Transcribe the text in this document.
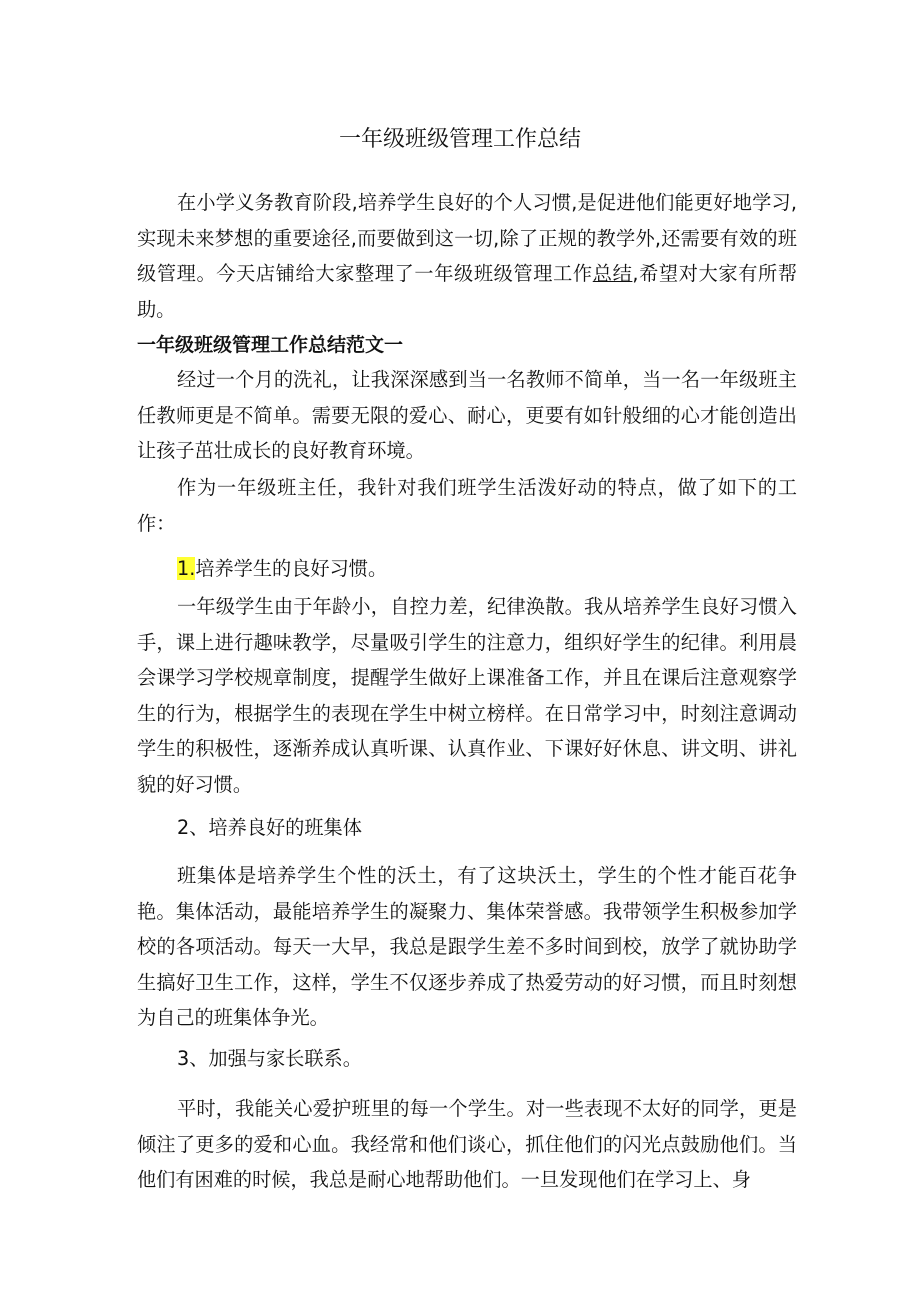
一年级班级管理工作总结

在小学义务教育阶段,培养学生良好的个人习惯,是促进他们能更好地学习,实现未来梦想的重要途径,而要做到这一切,除了正规的教学外,还需要有效的班级管理。今天店铺给大家整理了一年级班级管理工作总结,希望对大家有所帮助。

一年级班级管理工作总结范文一

经过一个月的洗礼，让我深深感到当一名教师不简单，当一名一年级班主任教师更是不简单。需要无限的爱心、耐心，更要有如针般细的心才能创造出让孩子茁壮成长的良好教育环境。

作为一年级班主任，我针对我们班学生活泼好动的特点，做了如下的工作：

1.培养学生的良好习惯。

一年级学生由于年龄小，自控力差，纪律涣散。我从培养学生良好习惯入手，课上进行趣味教学，尽量吸引学生的注意力，组织好学生的纪律。利用晨会课学习学校规章制度，提醒学生做好上课准备工作，并且在课后注意观察学生的行为，根据学生的表现在学生中树立榜样。在日常学习中，时刻注意调动学生的积极性，逐渐养成认真听课、认真作业、下课好好休息、讲文明、讲礼貌的好习惯。

2、培养良好的班集体

班集体是培养学生个性的沃土，有了这块沃土，学生的个性才能百花争艳。集体活动，最能培养学生的凝聚力、集体荣誉感。我带领学生积极参加学校的各项活动。每天一大早，我总是跟学生差不多时间到校，放学了就协助学生搞好卫生工作，这样，学生不仅逐步养成了热爱劳动的好习惯，而且时刻想为自己的班集体争光。

3、加强与家长联系。

平时，我能关心爱护班里的每一个学生。对一些表现不太好的同学，更是倾注了更多的爱和心血。我经常和他们谈心，抓住他们的闪光点鼓励他们。当他们有困难的时候，我总是耐心地帮助他们。一旦发现他们在学习上、身
